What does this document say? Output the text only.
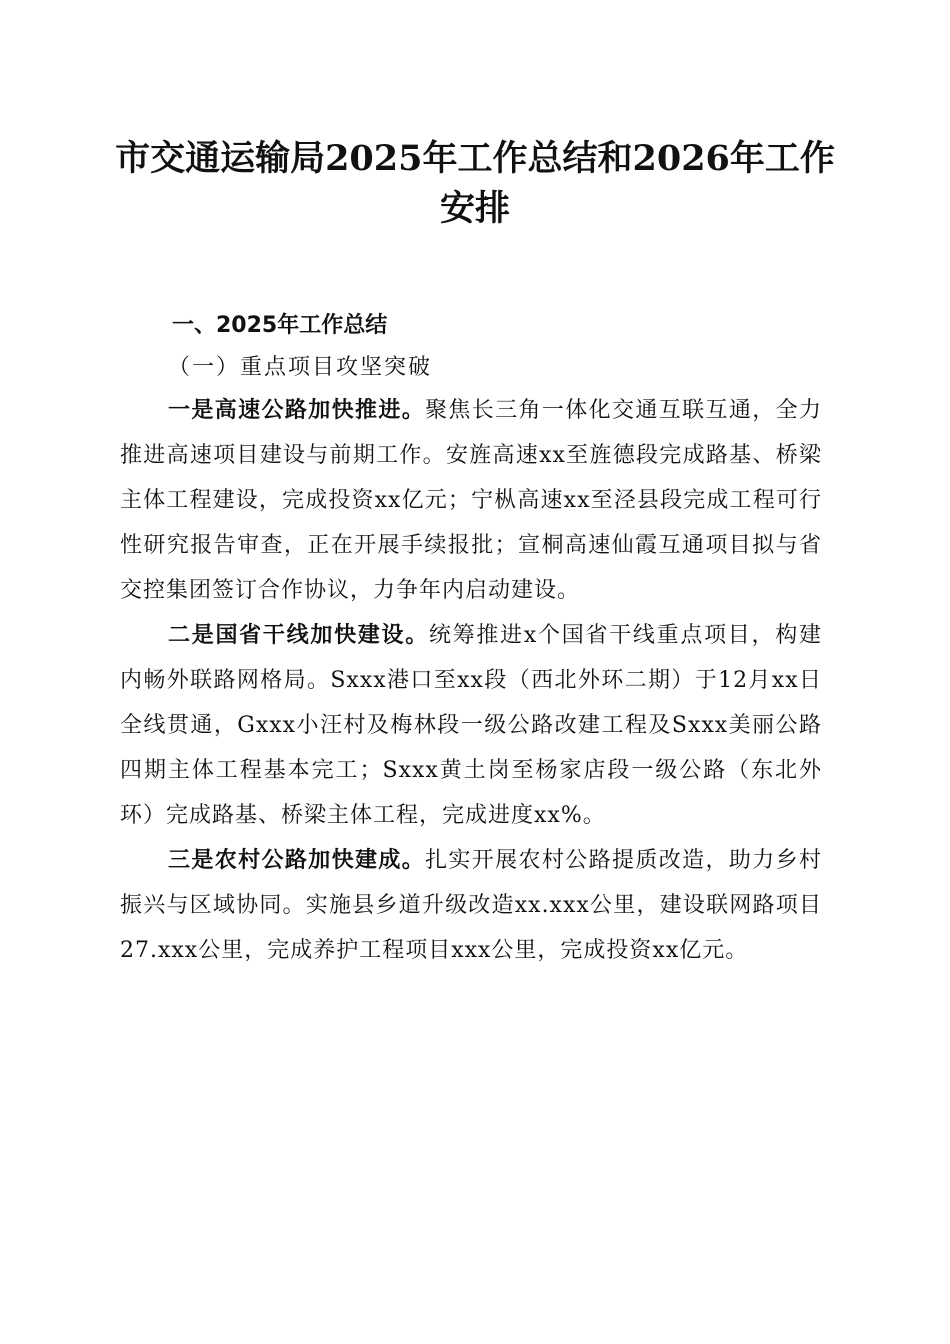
市交通运输局2025年工作总结和2026年工作
安排

一、2025年工作总结

（一）重点项目攻坚突破

一是高速公路加快推进。聚焦长三角一体化交通互联互通，全力推进高速项目建设与前期工作。安旌高速xx至旌德段完成路基、桥梁主体工程建设，完成投资xx亿元；宁枞高速xx至泾县段完成工程可行性研究报告审查，正在开展手续报批；宣桐高速仙霞互通项目拟与省交控集团签订合作协议，力争年内启动建设。

二是国省干线加快建设。统筹推进x个国省干线重点项目，构建内畅外联路网格局。Sxxx港口至xx段（西北外环二期）于12月xx日全线贯通，Gxxx小汪村及梅林段一级公路改建工程及Sxxx美丽公路四期主体工程基本完工；Sxxx黄土岗至杨家店段一级公路（东北外环）完成路基、桥梁主体工程，完成进度xx%。

三是农村公路加快建成。扎实开展农村公路提质改造，助力乡村振兴与区域协同。实施县乡道升级改造xx.xxx公里，建设联网路项目27.xxx公里，完成养护工程项目xxx公里，完成投资xx亿元。
